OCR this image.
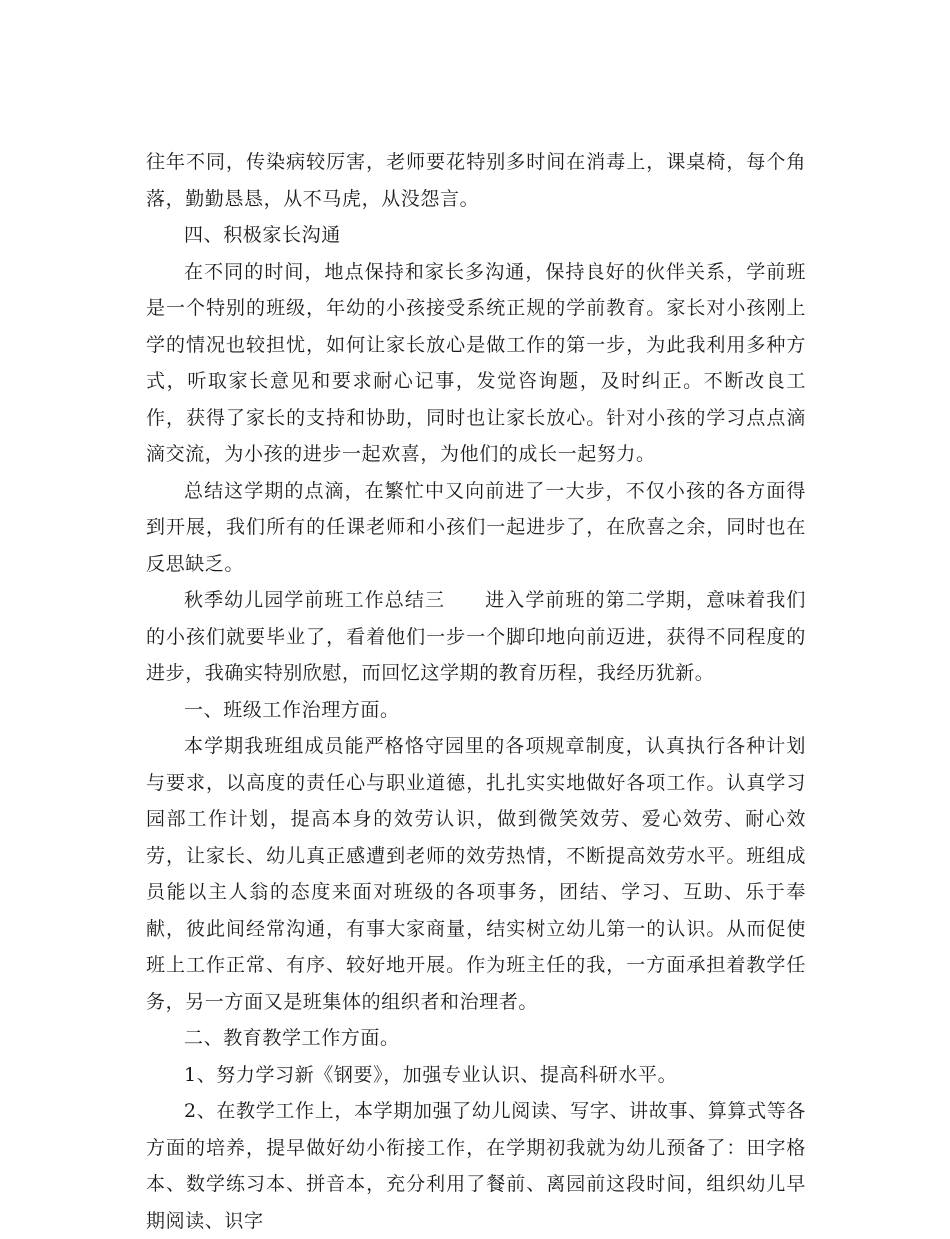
往年不同，传染病较厉害，老师要花特别多时间在消毒上，课桌椅，每个角落，勤勤恳恳，从不马虎，从没怨言。

四、积极家长沟通

在不同的时间，地点保持和家长多沟通，保持良好的伙伴关系，学前班是一个特别的班级，年幼的小孩接受系统正规的学前教育。家长对小孩刚上学的情况也较担忧，如何让家长放心是做工作的第一步，为此我利用多种方式，听取家长意见和要求耐心记事，发觉咨询题，及时纠正。不断改良工作，获得了家长的支持和协助，同时也让家长放心。针对小孩的学习点点滴滴交流，为小孩的进步一起欢喜，为他们的成长一起努力。

总结这学期的点滴，在繁忙中又向前进了一大步，不仅小孩的各方面得到开展，我们所有的任课老师和小孩们一起进步了，在欣喜之余，同时也在反思缺乏。

秋季幼儿园学前班工作总结三　　进入学前班的第二学期，意味着我们的小孩们就要毕业了，看着他们一步一个脚印地向前迈进，获得不同程度的进步，我确实特别欣慰，而回忆这学期的教育历程，我经历犹新。

一、班级工作治理方面。

本学期我班组成员能严格恪守园里的各项规章制度，认真执行各种计划与要求，以高度的责任心与职业道德，扎扎实实地做好各项工作。认真学习园部工作计划，提高本身的效劳认识，做到微笑效劳、爱心效劳、耐心效劳，让家长、幼儿真正感遭到老师的效劳热情，不断提高效劳水平。班组成员能以主人翁的态度来面对班级的各项事务，团结、学习、互助、乐于奉献，彼此间经常沟通，有事大家商量，结实树立幼儿第一的认识。从而促使班上工作正常、有序、较好地开展。作为班主任的我，一方面承担着教学任务，另一方面又是班集体的组织者和治理者。

二、教育教学工作方面。

1、努力学习新《钢要》，加强专业认识、提高科研水平。

2、在教学工作上，本学期加强了幼儿阅读、写字、讲故事、算算式等各方面的培养，提早做好幼小衔接工作，在学期初我就为幼儿预备了：田字格本、数学练习本、拼音本，充分利用了餐前、离园前这段时间，组织幼儿早期阅读、识字
